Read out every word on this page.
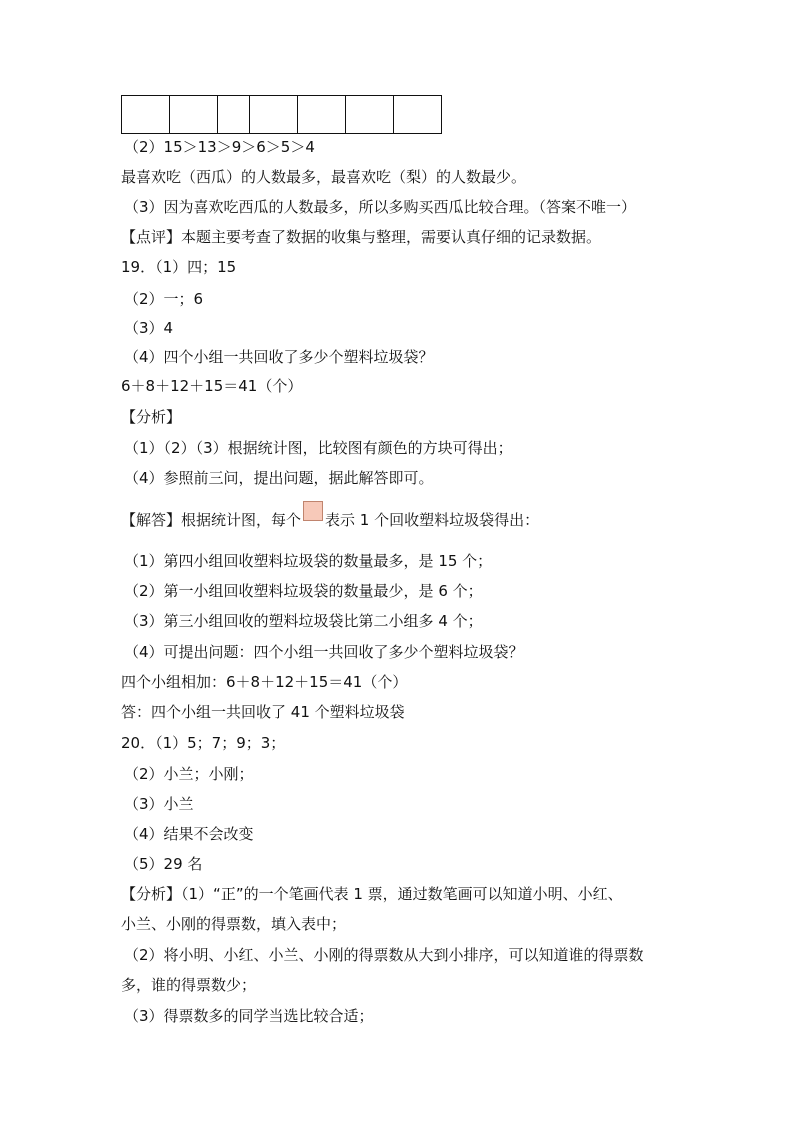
（2）15＞13＞9＞6＞5＞4
最喜欢吃（西瓜）的人数最多，最喜欢吃（梨）的人数最少。
（3）因为喜欢吃西瓜的人数最多，所以多购买西瓜比较合理。（答案不唯一）
【点评】本题主要考查了数据的收集与整理，需要认真仔细的记录数据。
19．（1）四；15
（2）一；6
（3）4
（4）四个小组一共回收了多少个塑料垃圾袋？
6＋8＋12＋15＝41（个）
【分析】
（1）（2）（3）根据统计图，比较图有颜色的方块可得出；
（4）参照前三问，提出问题，据此解答即可。
【解答】根据统计图，每个 表示 1 个回收塑料垃圾袋得出：
（1）第四小组回收塑料垃圾袋的数量最多，是 15 个；
（2）第一小组回收塑料垃圾袋的数量最少，是 6 个；
（3）第三小组回收的塑料垃圾袋比第二小组多 4 个；
（4）可提出问题：四个小组一共回收了多少个塑料垃圾袋？
四个小组相加：6＋8＋12＋15＝41（个）
答：四个小组一共回收了 41 个塑料垃圾袋
20．（1）5；7；9；3；
（2）小兰；小刚；
（3）小兰
（4）结果不会改变
（5）29 名
【分析】（1）“正”的一个笔画代表 1 票，通过数笔画可以知道小明、小红、
小兰、小刚的得票数，填入表中；
（2）将小明、小红、小兰、小刚的得票数从大到小排序，可以知道谁的得票数
多，谁的得票数少；
（3）得票数多的同学当选比较合适；
